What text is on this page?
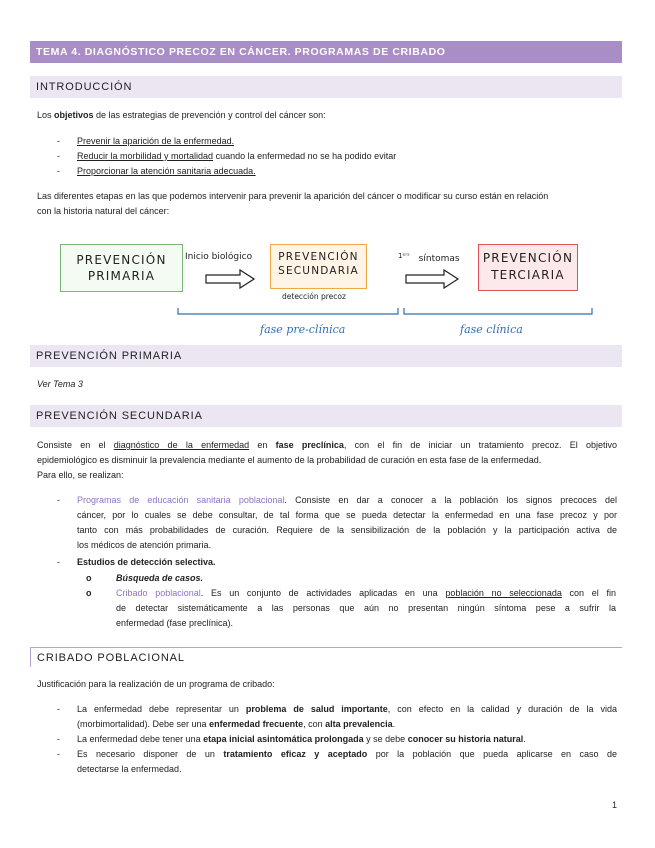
TEMA 4. DIAGNÓSTICO PRECOZ EN CÁNCER. PROGRAMAS DE CRIBADO
INTRODUCCIÓN
Los objetivos de las estrategias de prevención y control del cáncer son:
- Prevenir la aparición de la enfermedad.
- Reducir la morbilidad y mortalidad cuando la enfermedad no se ha podido evitar
- Proporcionar la atención sanitaria adecuada.
Las diferentes etapas en las que podemos intervenir para prevenir la aparición del cáncer o modificar su curso están en relación
con la historia natural del cáncer:
PREVENCIÓN
PRIMARIA
Inicio biológico	PREVENCIÓN
SECUNDARIA
detección precoz
$^{1ᵉʳˢ}$ síntomas	PREVENCIÓN
TERCIARIA
fase pre-clínica	fase clínica
PREVENCIÓN PRIMARIA
Ver Tema 3
PREVENCIÓN SECUNDARIA
Consiste en el diagnóstico de la enfermedad en fase preclínica, con el fin de iniciar un tratamiento precoz. El objetivo
epidemiológico es disminuir la prevalencia mediante el aumento de la probabilidad de curación en esta fase de la enfermedad.
Para ello, se realizan:
- Programas de educación sanitaria poblacional. Consiste en dar a conocer a la población los signos precoces del
cáncer, por lo cuales se debe consultar, de tal forma que se pueda detectar la enfermedad en una fase precoz y por
tanto con más probabilidades de curación. Requiere de la sensibilización de la población y la participación activa de
los médicos de atención primaria.
- Estudios de detección selectiva.
o	Búsqueda de casos.
o	Cribado poblacional. Es un conjunto de actividades aplicadas en una población no seleccionada con el fin
de detectar sistemáticamente a las personas que aún no presentan ningún síntoma pese a sufrir la
enfermedad (fase preclínica).
CRIBADO POBLACIONAL
Justificación para la realización de un programa de cribado:
- La enfermedad debe representar un problema de salud importante, con efecto en la calidad y duración de la vida
(morbimortalidad). Debe ser una enfermedad frecuente, con alta prevalencia.
- La enfermedad debe tener una etapa inicial asintomática prolongada y se debe conocer su historia natural.
- Es necesario disponer de un tratamiento eficaz y aceptado por la población que pueda aplicarse en caso de
detectarse la enfermedad.
1
